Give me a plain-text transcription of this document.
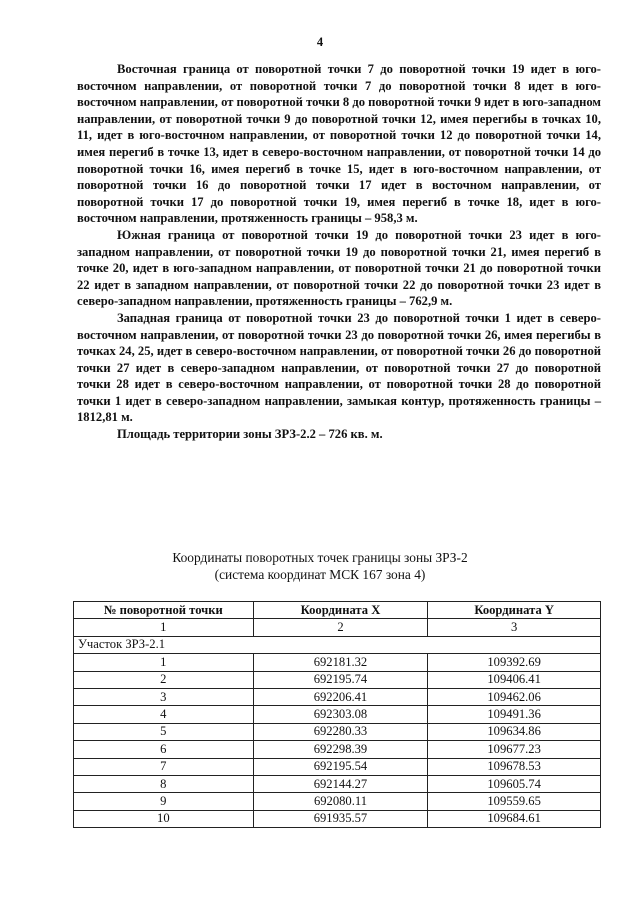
4

Восточная граница от поворотной точки 7 до поворотной точки 19 идет в юго-восточном направлении, от поворотной точки 7 до поворотной точки 8 идет в юго-восточном направлении, от поворотной точки 8 до поворотной точки 9 идет в юго-западном направлении, от поворотной точки 9 до поворотной точки 12, имея перегибы в точках 10, 11, идет в юго-восточном направлении, от поворотной точки 12 до поворотной точки 14, имея перегиб в точке 13, идет в северо-восточном направлении, от поворотной точки 14 до поворотной точки 16, имея перегиб в точке 15, идет в юго-восточном направлении, от поворотной точки 16 до поворотной точки 17 идет в восточном направлении, от поворотной точки 17 до поворотной точки 19, имея перегиб в точке 18, идет в юго-восточном направлении, протяженность границы – 958,3 м.

Южная граница от поворотной точки 19 до поворотной точки 23 идет в юго-западном направлении, от поворотной точки 19 до поворотной точки 21, имея перегиб в точке 20, идет в юго-западном направлении, от поворотной точки 21 до поворотной точки 22 идет в западном направлении, от поворотной точки 22 до поворотной точки 23 идет в северо-западном направлении, протяженность границы – 762,9 м.

Западная граница от поворотной точки 23 до поворотной точки 1 идет в северо-восточном направлении, от поворотной точки 23 до поворотной точки 26, имея перегибы в точках 24, 25, идет в северо-восточном направлении, от поворотной точки 26 до поворотной точки 27 идет в северо-западном направлении, от поворотной точки 27 до поворотной точки 28 идет в северо-восточном направлении, от поворотной точки 28 до поворотной точки 1 идет в северо-западном направлении, замыкая контур, протяженность границы – 1812,81 м.

Площадь территории зоны ЗРЗ-2.2 – 726 кв. м.

Координаты поворотных точек границы зоны ЗРЗ-2
(система координат МСК 167 зона 4)
№ поворотной точки	Координата X	Координата Y
1	2	3
Участок ЗРЗ-2.1		
1	692181.32	109392.69
2	692195.74	109406.41
3	692206.41	109462.06
4	692303.08	109491.36
5	692280.33	109634.86
6	692298.39	109677.23
7	692195.54	109678.53
8	692144.27	109605.74
9	692080.11	109559.65
10	691935.57	109684.61
